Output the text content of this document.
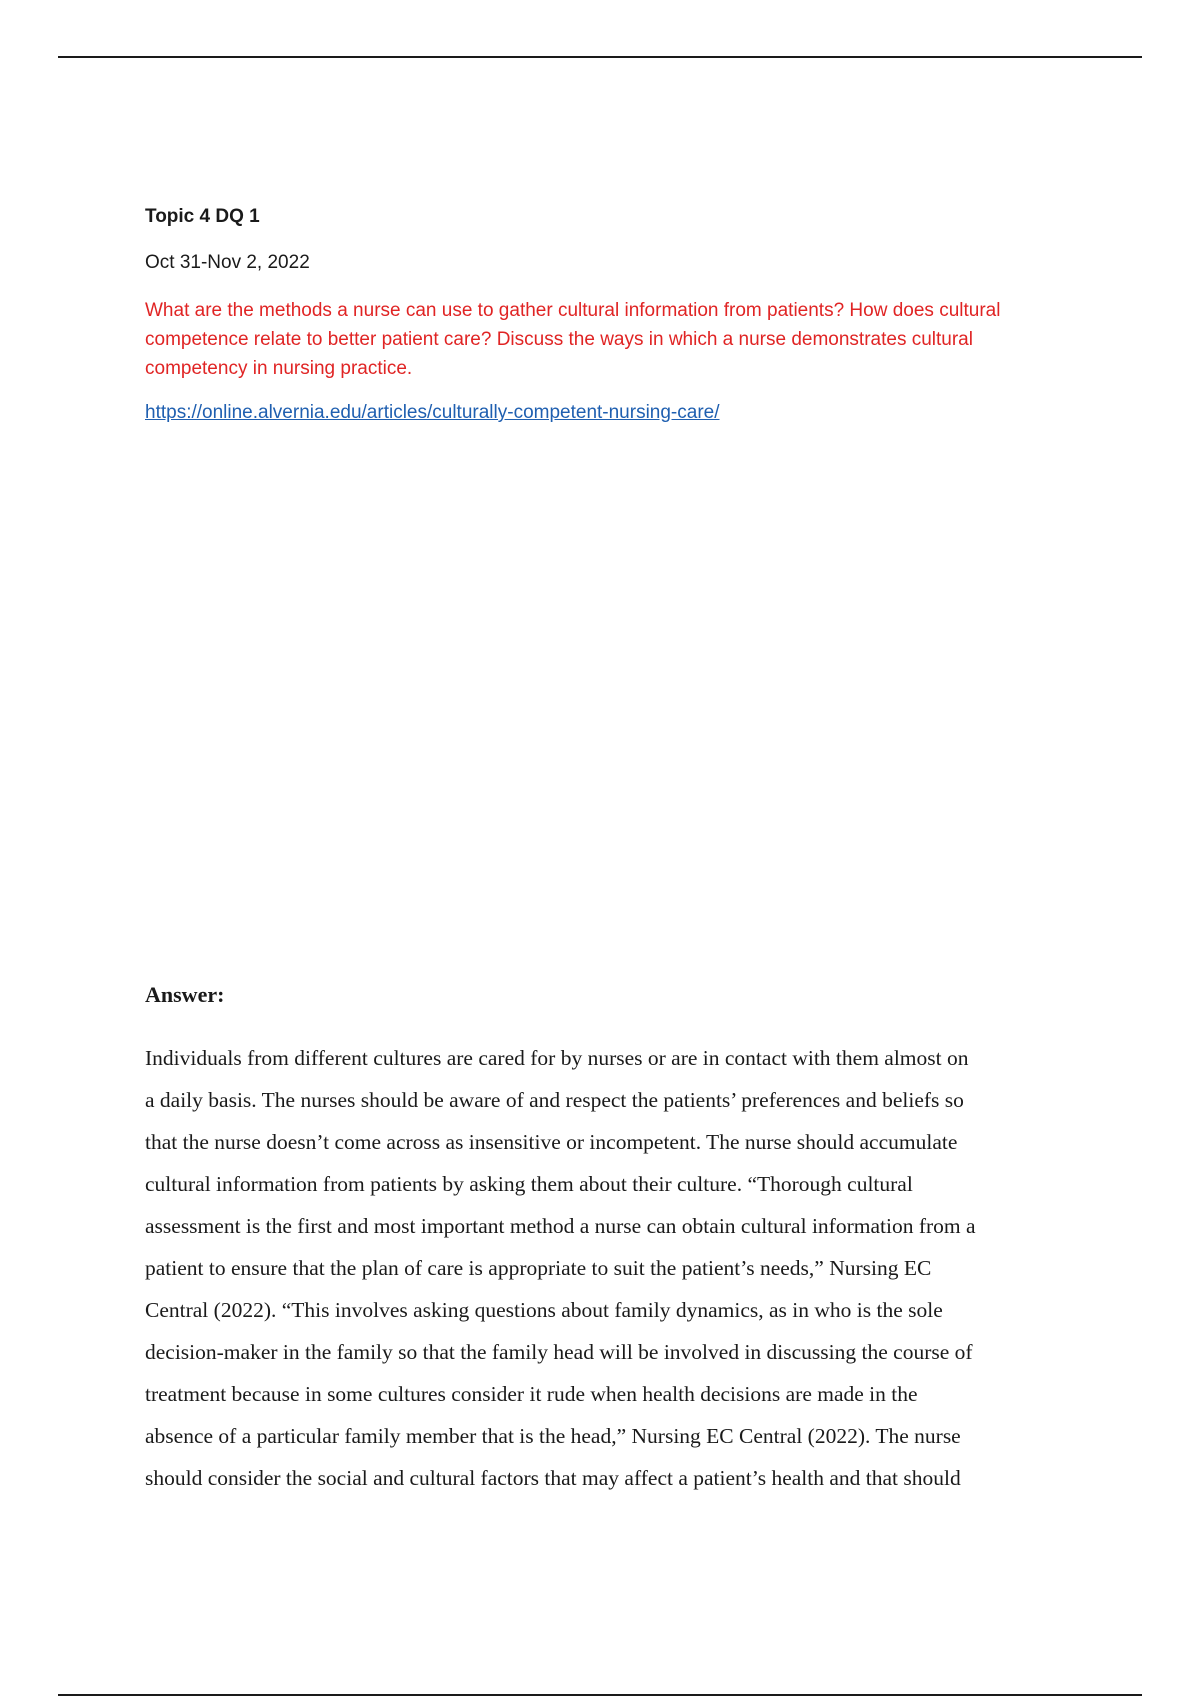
Topic 4 DQ 1
Oct 31-Nov 2, 2022
What are the methods a nurse can use to gather cultural information from patients? How does cultural
competence relate to better patient care? Discuss the ways in which a nurse demonstrates cultural
competency in nursing practice.
https://online.alvernia.edu/articles/culturally-competent-nursing-care/
Answer:
Individuals from different cultures are cared for by nurses or are in contact with them almost on
a daily basis. The nurses should be aware of and respect the patients’ preferences and beliefs so
that the nurse doesn’t come across as insensitive or incompetent. The nurse should accumulate
cultural information from patients by asking them about their culture. “Thorough cultural
assessment is the first and most important method a nurse can obtain cultural information from a
patient to ensure that the plan of care is appropriate to suit the patient’s needs,” Nursing EC
Central (2022). “This involves asking questions about family dynamics, as in who is the sole
decision-maker in the family so that the family head will be involved in discussing the course of
treatment because in some cultures consider it rude when health decisions are made in the
absence of a particular family member that is the head,” Nursing EC Central (2022). The nurse
should consider the social and cultural factors that may affect a patient’s health and that should
